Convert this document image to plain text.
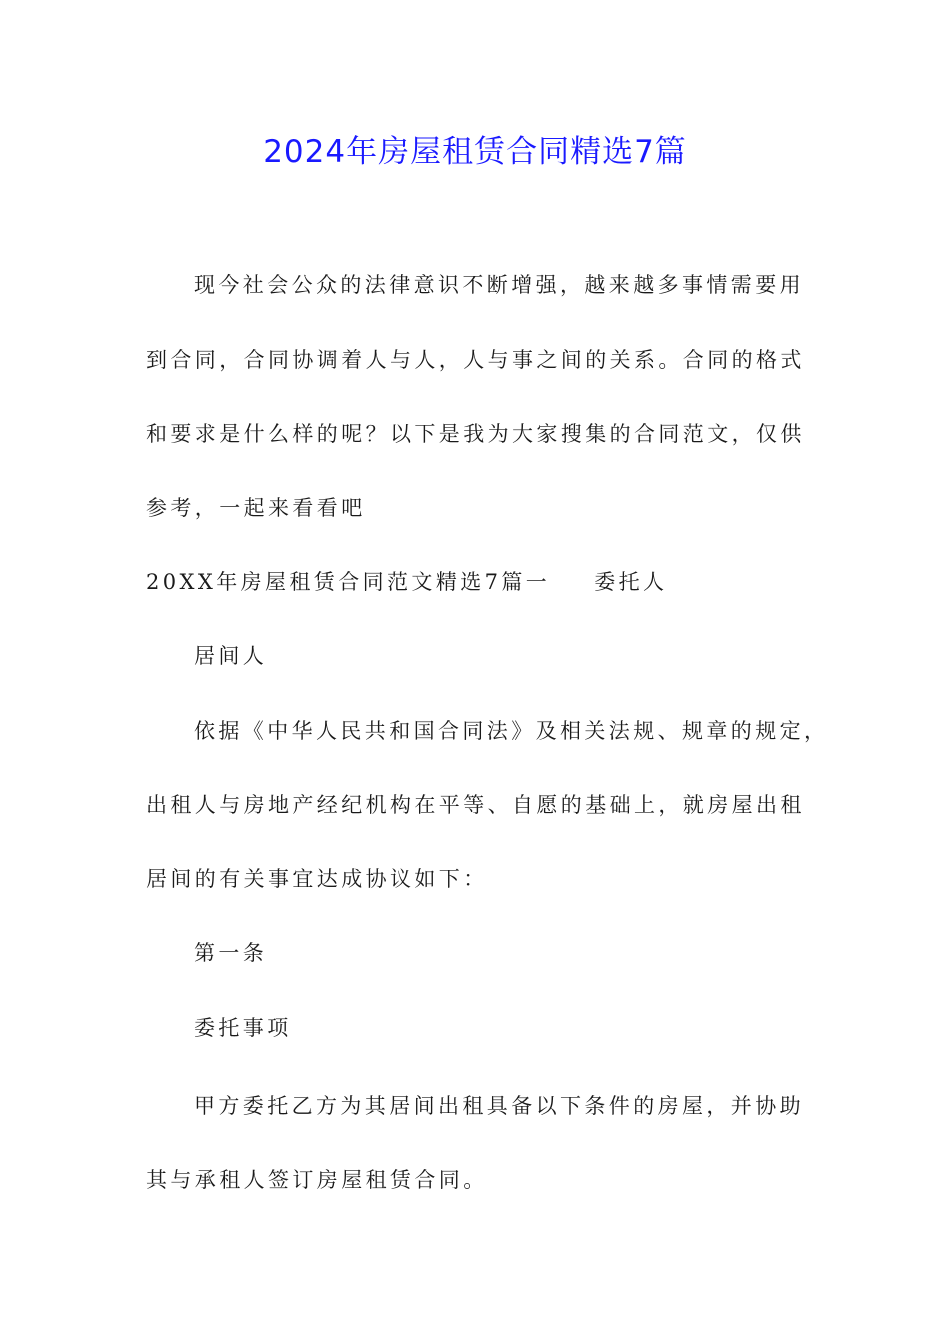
2024年房屋租赁合同精选7篇
现今社会公众的法律意识不断增强，越来越多事情需要用
到合同，合同协调着人与人，人与事之间的关系。合同的格式
和要求是什么样的呢？以下是我为大家搜集的合同范文，仅供
参考，一起来看看吧
20XX年房屋租赁合同范文精选7篇一 委托人
居间人
依据《中华人民共和国合同法》及相关法规、规章的规定，
出租人与房地产经纪机构在平等、自愿的基础上，就房屋出租
居间的有关事宜达成协议如下：
第一条
委托事项
甲方委托乙方为其居间出租具备以下条件的房屋，并协助
其与承租人签订房屋租赁合同。
